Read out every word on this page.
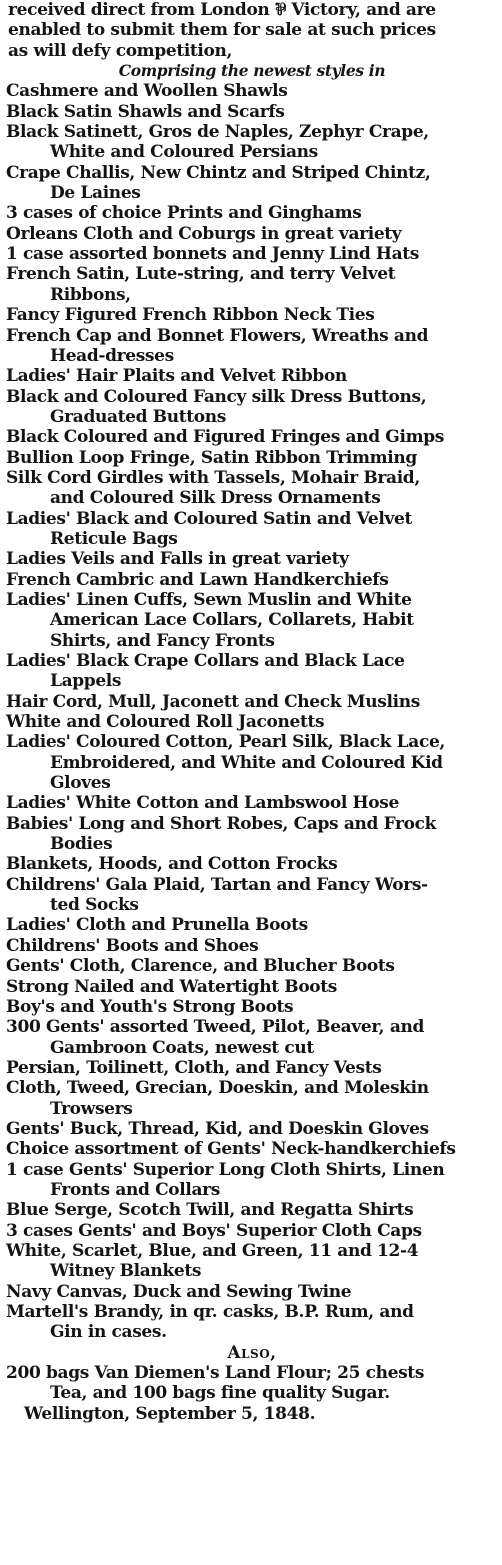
received direct from London ⅌ Victory, and are
enabled to submit them for sale at such prices
as will defy competition,
Comprising the newest styles in
Cashmere and Woollen Shawls
Black Satin Shawls and Scarfs
Black Satinett, Gros de Naples, Zephyr Crape,
White and Coloured Persians
Crape Challis, New Chintz and Striped Chintz,
De Laines
3 cases of choice Prints and Ginghams
Orleans Cloth and Coburgs in great variety
1 case assorted bonnets and Jenny Lind Hats
French Satin, Lute-string, and terry Velvet
Ribbons,
Fancy Figured French Ribbon Neck Ties
French Cap and Bonnet Flowers, Wreaths and
Head-dresses
Ladies' Hair Plaits and Velvet Ribbon
Black and Coloured Fancy silk Dress Buttons,
Graduated Buttons
Black Coloured and Figured Fringes and Gimps
Bullion Loop Fringe, Satin Ribbon Trimming
Silk Cord Girdles with Tassels, Mohair Braid,
and Coloured Silk Dress Ornaments
Ladies' Black and Coloured Satin and Velvet
Reticule Bags
Ladies Veils and Falls in great variety
French Cambric and Lawn Handkerchiefs
Ladies' Linen Cuffs, Sewn Muslin and White
American Lace Collars, Collarets, Habit
Shirts, and Fancy Fronts
Ladies' Black Crape Collars and Black Lace
Lappels
Hair Cord, Mull, Jaconett and Check Muslins
White and Coloured Roll Jaconetts
Ladies' Coloured Cotton, Pearl Silk, Black Lace,
Embroidered, and White and Coloured Kid
Gloves
Ladies' White Cotton and Lambswool Hose
Babies' Long and Short Robes, Caps and Frock
Bodies
Blankets, Hoods, and Cotton Frocks
Childrens' Gala Plaid, Tartan and Fancy Wors-
ted Socks
Ladies' Cloth and Prunella Boots
Childrens' Boots and Shoes
Gents' Cloth, Clarence, and Blucher Boots
Strong Nailed and Watertight Boots
Boy's and Youth's Strong Boots
300 Gents' assorted Tweed, Pilot, Beaver, and
Gambroon Coats, newest cut
Persian, Toilinett, Cloth, and Fancy Vests
Cloth, Tweed, Grecian, Doeskin, and Moleskin
Trowsers
Gents' Buck, Thread, Kid, and Doeskin Gloves
Choice assortment of Gents' Neck-handkerchiefs
1 case Gents' Superior Long Cloth Shirts, Linen
Fronts and Collars
Blue Serge, Scotch Twill, and Regatta Shirts
3 cases Gents' and Boys' Superior Cloth Caps
White, Scarlet, Blue, and Green, 11 and 12-4
Witney Blankets
Navy Canvas, Duck and Sewing Twine
Martell's Brandy, in qr. casks, B.P. Rum, and
Gin in cases.
Also,
200 bags Van Diemen's Land Flour; 25 chests
Tea, and 100 bags fine quality Sugar.
Wellington, September 5, 1848.
